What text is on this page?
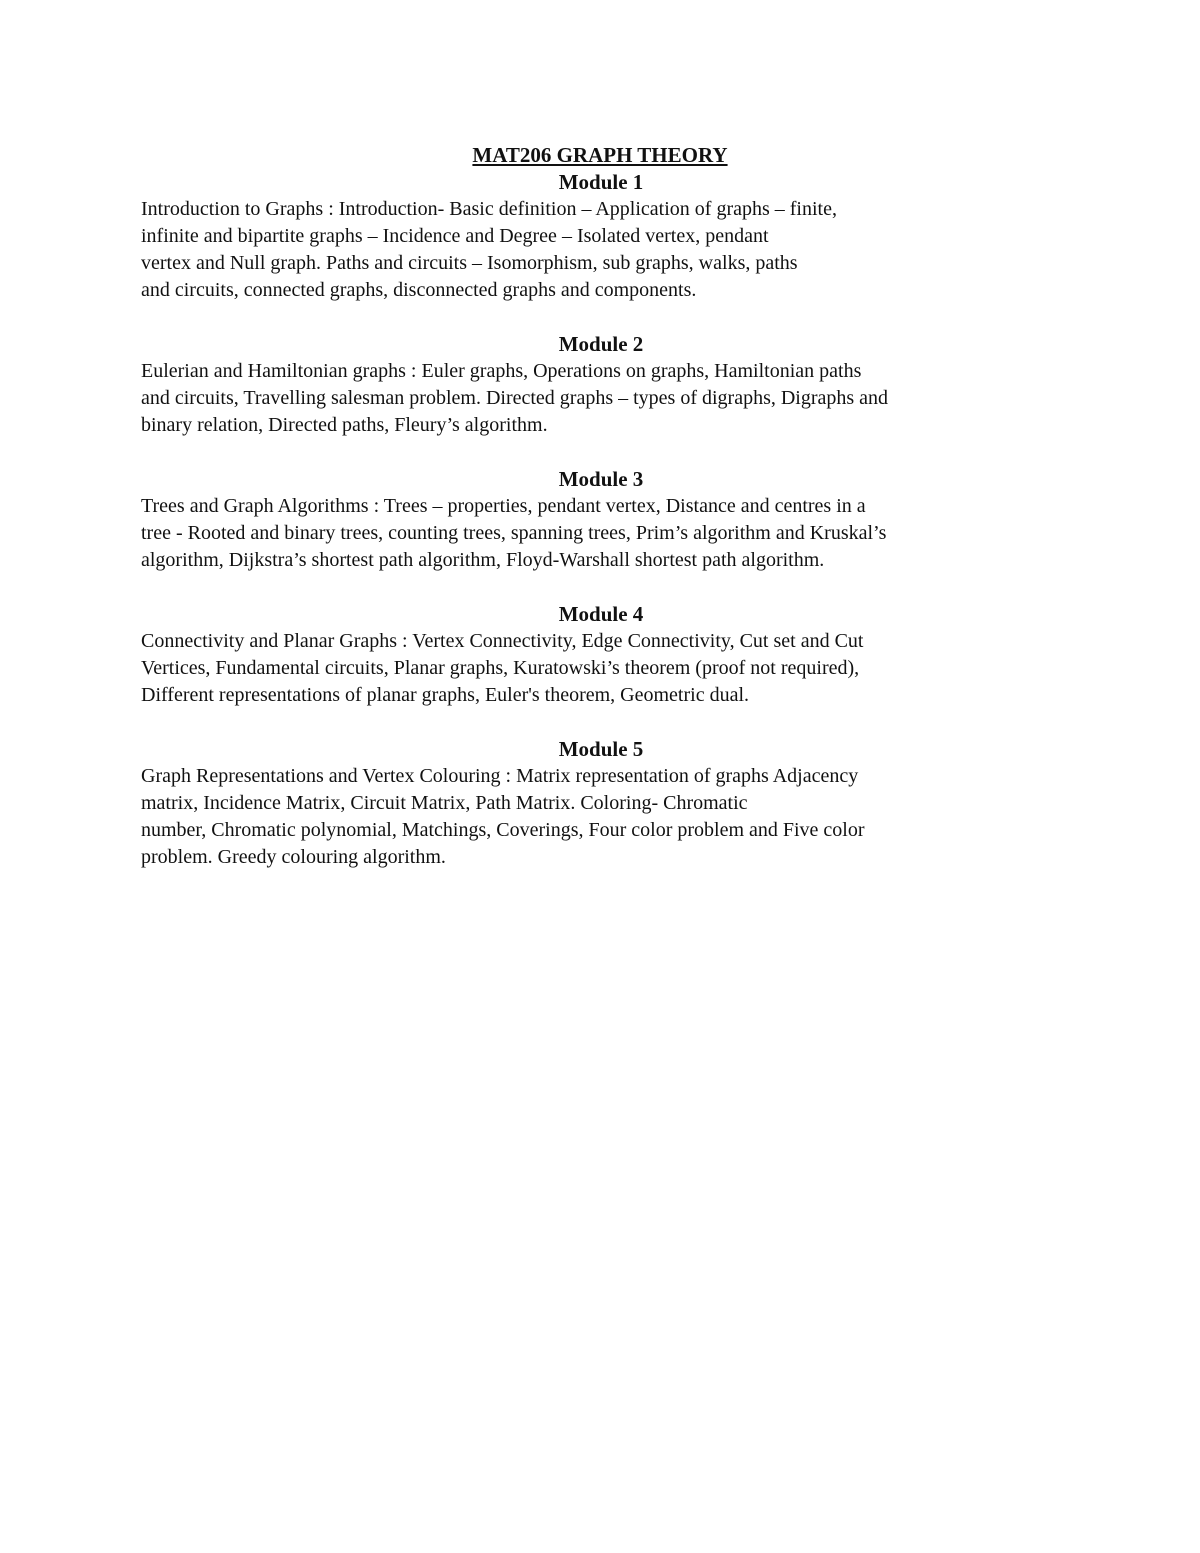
MAT206 GRAPH THEORY
Module 1
Introduction to Graphs : Introduction- Basic definition – Application of graphs – finite,
infinite and bipartite graphs – Incidence and Degree – Isolated vertex, pendant
vertex and Null graph. Paths and circuits – Isomorphism, sub graphs, walks, paths
and circuits, connected graphs, disconnected graphs and components.
Module 2
Eulerian and Hamiltonian graphs : Euler graphs, Operations on graphs, Hamiltonian paths
and circuits, Travelling salesman problem. Directed graphs – types of digraphs, Digraphs and
binary relation, Directed paths, Fleury’s algorithm.
Module 3
Trees and Graph Algorithms : Trees – properties, pendant vertex, Distance and centres in a
tree - Rooted and binary trees, counting trees, spanning trees, Prim’s algorithm and Kruskal’s
algorithm, Dijkstra’s shortest path algorithm, Floyd-Warshall shortest path algorithm.
Module 4
Connectivity and Planar Graphs : Vertex Connectivity, Edge Connectivity, Cut set and Cut
Vertices, Fundamental circuits, Planar graphs, Kuratowski’s theorem (proof not required),
Different representations of planar graphs, Euler's theorem, Geometric dual.
Module 5
Graph Representations and Vertex Colouring : Matrix representation of graphs Adjacency
matrix, Incidence Matrix, Circuit Matrix, Path Matrix. Coloring- Chromatic
number, Chromatic polynomial, Matchings, Coverings, Four color problem and Five color
problem. Greedy colouring algorithm.
